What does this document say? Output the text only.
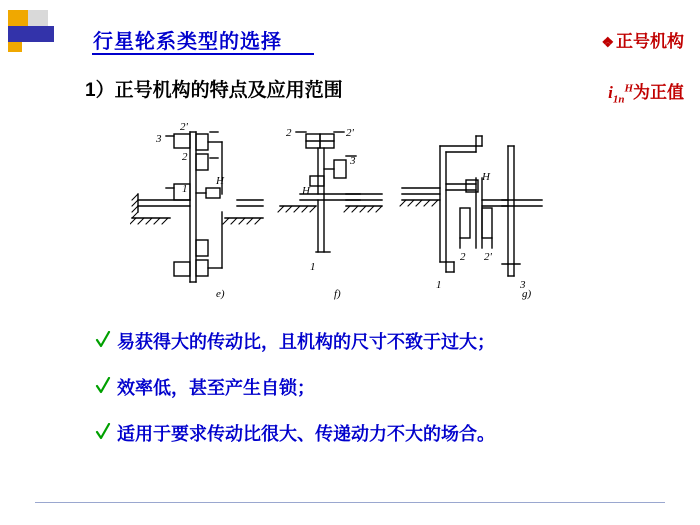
行星轮系类型的选择	❖ 正号机构
$i_{1n}^H$为正值
1）正号机构的特点及应用范围
3
2'
2
1
H
e)
2	2'
3
H
1
f)
H
1
2 2'
3
g)
易获得大的传动比，且机构的尺寸不致于过大；
效率低，甚至产生自锁；
适用于要求传动比很大、传递动力不大的场合。
